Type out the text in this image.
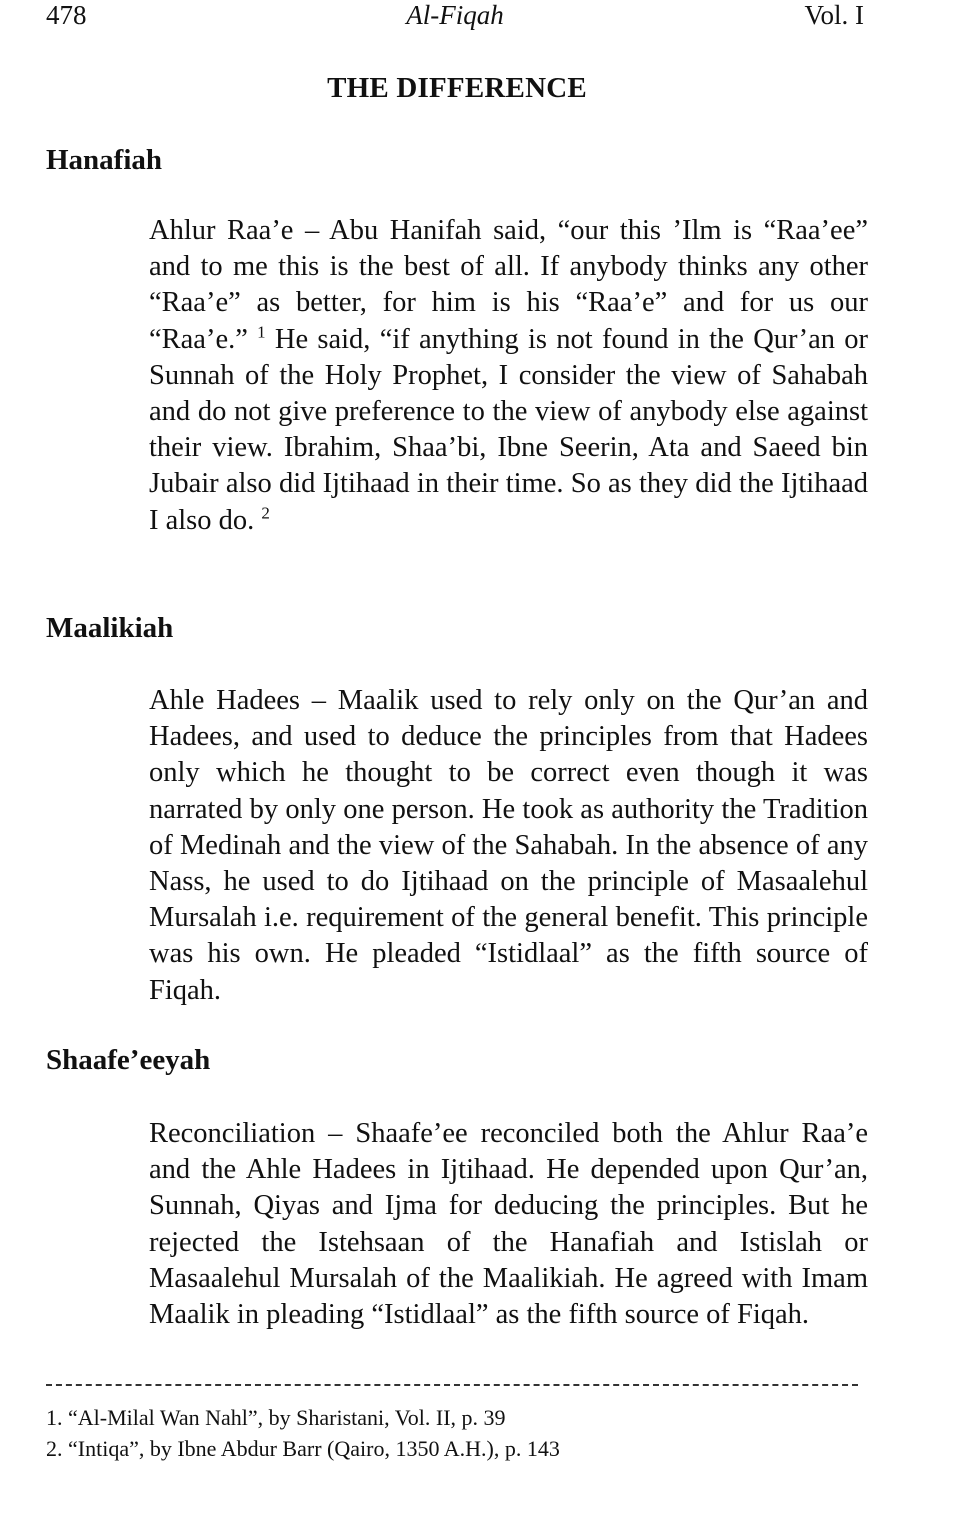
478	Al-Fiqah	Vol. I
THE DIFFERENCE
Hanafiah

Ahlur Raa’e – Abu Hanifah said, “our this ’Ilm is “Raa’ee” and to me this is the best of all. If anybody thinks any other “Raa’e” as better, for him is his “Raa’e” and for us our “Raa’e.” $^1$ He said, “if anything is not found in the Qur’an or Sunnah of the Holy Prophet, I consider the view of Sahabah and do not give preference to the view of anybody else against their view. Ibrahim, Shaa’bi, Ibne Seerin, Ata and Saeed bin Jubair also did Ijtihaad in their time. So as they did the Ijtihaad I also do. $^2$

Maalikiah

Ahle Hadees – Maalik used to rely only on the Qur’an and Hadees, and used to deduce the principles from that Hadees only which he thought to be correct even though it was narrated by only one person. He took as authority the Tradition of Medinah and the view of the Sahabah. In the absence of any Nass, he used to do Ijtihaad on the principle of Masaalehul Mursalah i.e. requirement of the general benefit. This principle was his own. He pleaded “Istidlaal” as the fifth source of Fiqah.

Shaafe’eeyah

Reconciliation – Shaafe’ee reconciled both the Ahlur Raa’e and the Ahle Hadees in Ijtihaad. He depended upon Qur’an, Sunnah, Qiyas and Ijma for deducing the principles. But he rejected the Istehsaan of the Hanafiah and Istislah or Masaalehul Mursalah of the Maalikiah. He agreed with Imam Maalik in pleading “Istidlaal” as the fifth source of Fiqah.

1. “Al-Milal Wan Nahl”, by Sharistani, Vol. II, p. 39
2. “Intiqa”, by Ibne Abdur Barr (Qairo, 1350 A.H.), p. 143
